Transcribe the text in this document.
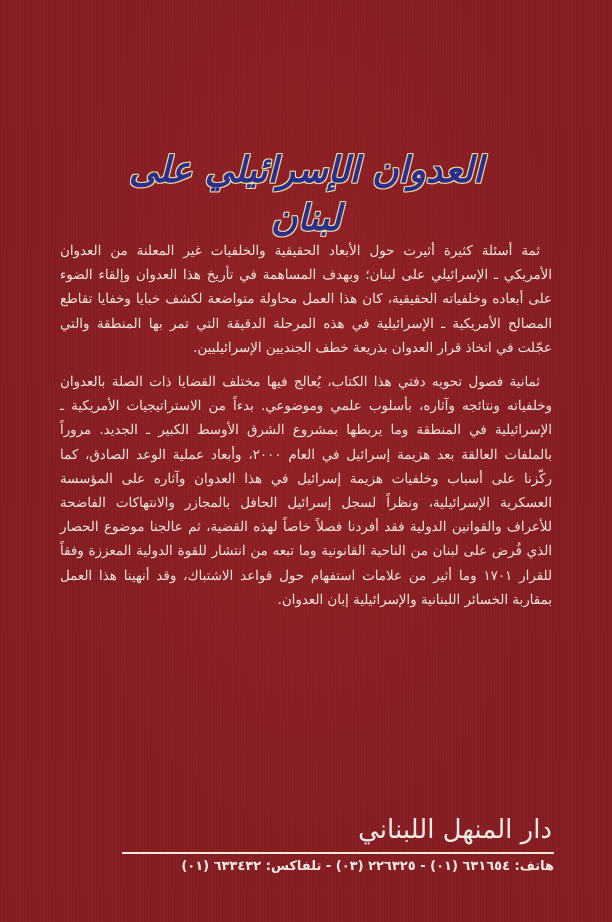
العدوان الإسرائيلي على لبنان

ثمة أسئلة كثيرة أثيرت حول الأبعاد الحقيقية والخلفيات غير المعلنة من العدوان الأمريكي ـ الإسرائيلي على لبنان؛ وبهدف المساهمة في تأريخ هذا العدوان وإلقاء الضوء على أبعاده وخلفياته الحقيقية، كان هذا العمل محاولة متواضعة لكشف خبايا وخفايا تقاطع المصالح الأمريكية ـ الإسرائيلية في هذه المرحلة الدقيقة التي تمر بها المنطقة والتي عجّلت في اتخاذ قرار العدوان بذريعة خطف الجنديين الإسرائيليين.

ثمانية فصول تحويه دفتي هذا الكتاب، يُعالج فيها مختلف القضايا ذات الصلة بالعدوان وخلفياته ونتائجه وآثاره، بأسلوب علمي وموضوعي. بدءاً من الاستراتيجيات الأمريكية ـ الإسرائيلية في المنطقة وما يربطها بمشروع الشرق الأوسط الكبير ـ الجديد. مروراً بالملفات العالقة بعد هزيمة إسرائيل في العام ٢٠٠٠، وأبعاد عملية الوعد الصادق، كما ركّزنا على أسباب وخلفيات هزيمة إسرائيل في هذا العدوان وآثاره على المؤسسة العسكرية الإسرائيلية، ونظراً لسجل إسرائيل الحافل بالمجازر والانتهاكات الفاضحة للأعراف والقوانين الدولية فقد أفردنا فصلاً خاصاً لهذه القضية، ثم عالجنا موضوع الحصار الذي فُرض على لبنان من الناحية القانونية وما تبعه من انتشار للقوة الدولية المعززة وفقاً للقرار ١٧٠١ وما أثير من علامات استفهام حول قواعد الاشتباك، وقد أنهينا هذا العمل بمقاربة الخسائر اللبنانية والإسرائيلية إبان العدوان.

دار المنهل اللبناني
هاتف: ٦٣١٦٥٤ (٠١) - ٢٢٦٣٢٥ (٠٣) - تلفاكس: ٦٣٣٤٣٢ (٠١)
